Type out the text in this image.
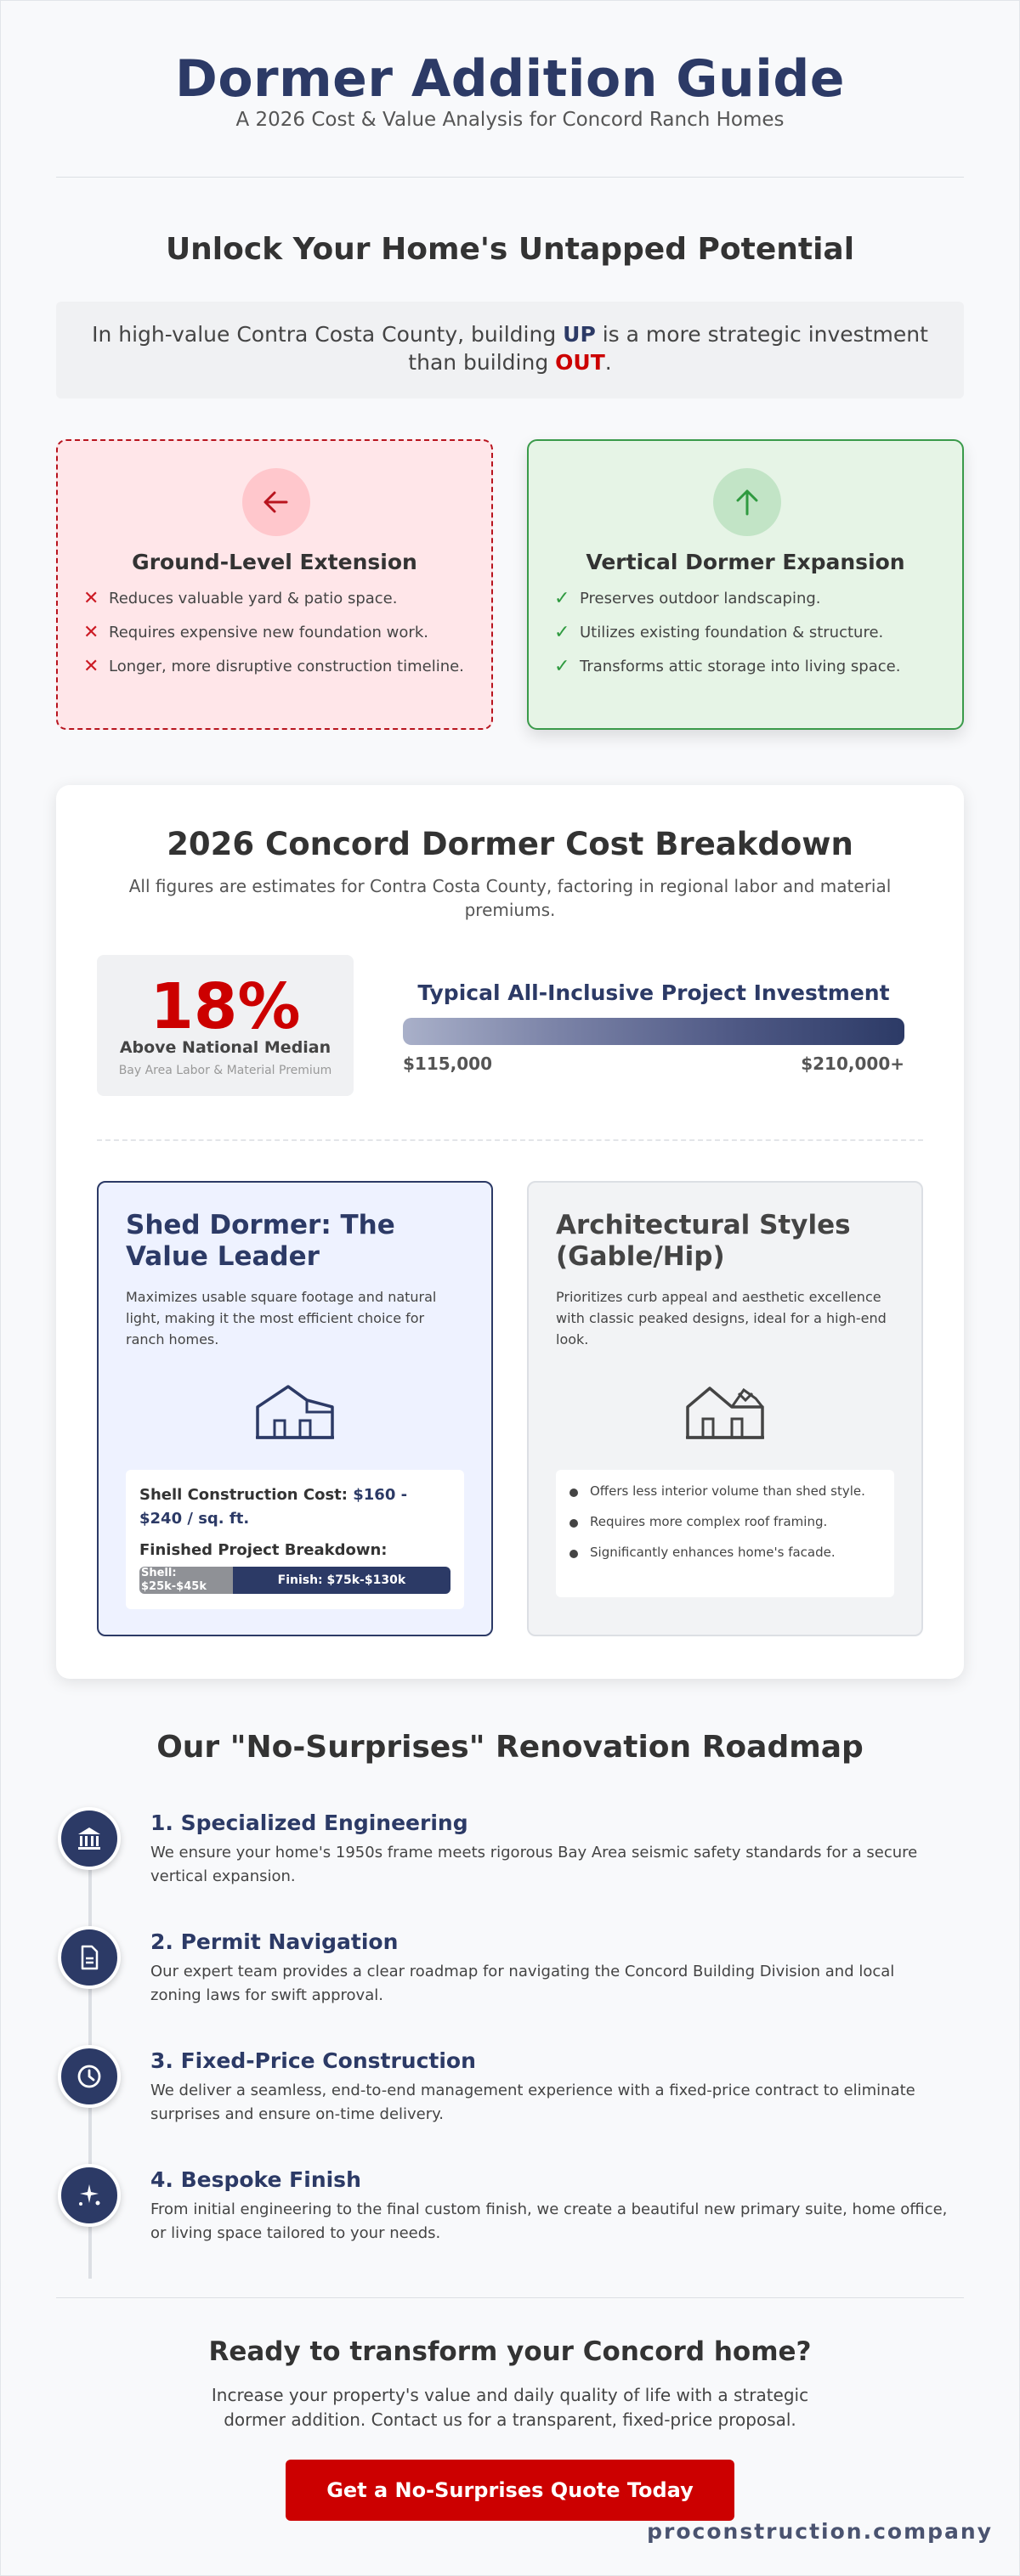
Dormer Addition Guide
A 2026 Cost & Value Analysis for Concord Ranch Homes
Unlock Your Home's Untapped Potential
In high-value Contra Costa County, building UP is a more strategic investment than building OUT.
Ground-Level Extension
✕ Reduces valuable yard & patio space.
✕ Requires expensive new foundation work.
✕ Longer, more disruptive construction timeline.
Vertical Dormer Expansion
✓ Preserves outdoor landscaping.
✓ Utilizes existing foundation & structure.
✓ Transforms attic storage into living space.
2026 Concord Dormer Cost Breakdown

All figures are estimates for Contra Costa County, factoring in regional labor and material premiums.

18%
Above National Median
Bay Area Labor & Material Premium
Typical All-Inclusive Project Investment
$115,000	$210,000+
Shed Dormer: The Value Leader

Maximizes usable square footage and natural light, making it the most efficient choice for ranch homes.

Shell Construction Cost: $160 - $240 / sq. ft.
Finished Project Breakdown:
Shell: $25k-$45k	Finish: $75k-$130k
Architectural Styles (Gable/Hip)

Prioritizes curb appeal and aesthetic excellence with classic peaked designs, ideal for a high-end look.

Offers less interior volume than shed style.
Requires more complex roof framing.
Significantly enhances home's facade.
Our "No-Surprises" Renovation Roadmap
1. Specialized Engineering
We ensure your home's 1950s frame meets rigorous Bay Area seismic safety standards for a secure vertical expansion.
2. Permit Navigation
Our expert team provides a clear roadmap for navigating the Concord Building Division and local zoning laws for swift approval.
3. Fixed-Price Construction
We deliver a seamless, end-to-end management experience with a fixed-price contract to eliminate surprises and ensure on-time delivery.
4. Bespoke Finish
From initial engineering to the final custom finish, we create a beautiful new primary suite, home office, or living space tailored to your needs.
Ready to transform your Concord home?

Increase your property's value and daily quality of life with a strategic dormer addition. Contact us for a transparent, fixed-price proposal.

Get a No-Surprises Quote Today
proconstruction.company
